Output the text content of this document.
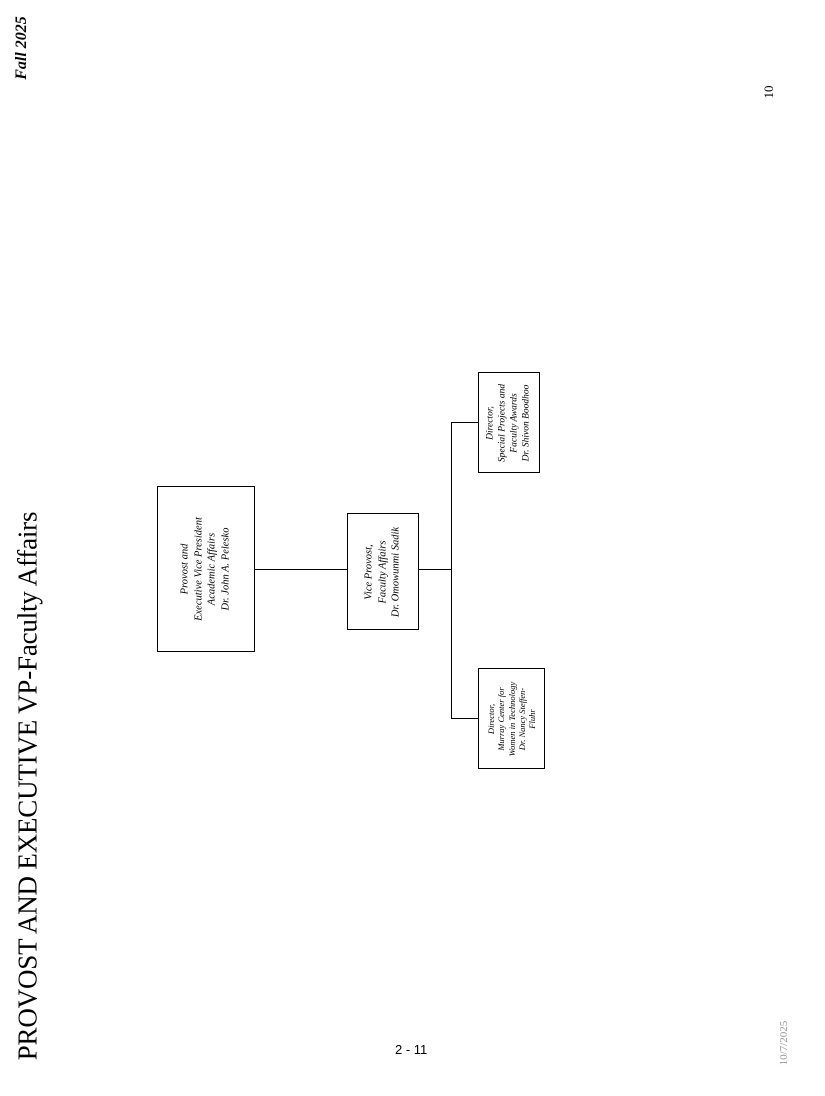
PROVOST AND EXECUTIVE VP-Faculty Affairs
Fall 2025
10
10/7/2025
2 - 11
Provost and Executive Vice President Academic Affairs Dr. John A. Pelesko	Vice Provost, Faculty Affairs Dr. Omowunmi Sadik
Director, Special Projects and Faculty Awards Dr. Shivon Boodhoo
Director, Murray Center for Women in Technology Dr. Nancy Steffen- Fluhr
